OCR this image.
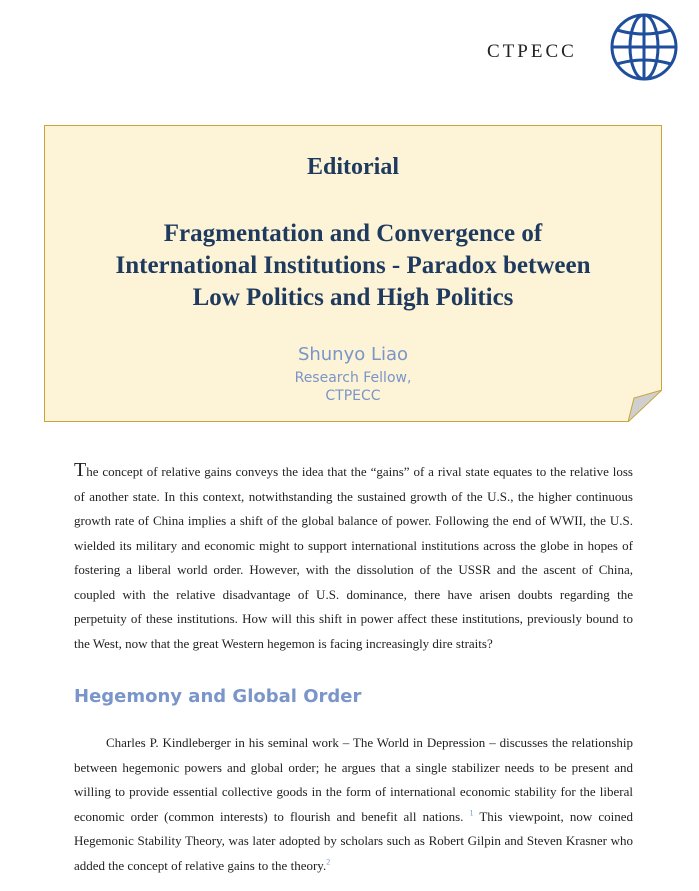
CTPECC
Editorial
Fragmentation and Convergence of
International Institutions - Paradox between
Low Politics and High Politics
Shunyo Liao
Research Fellow,
CTPECC

The concept of relative gains conveys the idea that the “gains” of a rival state equates to the relative loss of another state. In this context, notwithstanding the sustained growth of the U.S., the higher continuous growth rate of China implies a shift of the global balance of power. Following the end of WWII, the U.S. wielded its military and economic might to support international institutions across the globe in hopes of fostering a liberal world order. However, with the dissolution of the USSR and the ascent of China, coupled with the relative disadvantage of U.S. dominance, there have arisen doubts regarding the perpetuity of these institutions. How will this shift in power affect these institutions, previously bound to the West, now that the great Western hegemon is facing increasingly dire straits?

Hegemony and Global Order

Charles P. Kindleberger in his seminal work – The World in Depression – discusses the relationship between hegemonic powers and global order; he argues that a single stabilizer needs to be present and willing to provide essential collective goods in the form of international economic stability for the liberal economic order (common interests) to flourish and benefit all nations. $^1$ This viewpoint, now coined Hegemonic Stability Theory, was later adopted by scholars such as Robert Gilpin and Steven Krasner who added the concept of relative gains to the theory.$^2$
